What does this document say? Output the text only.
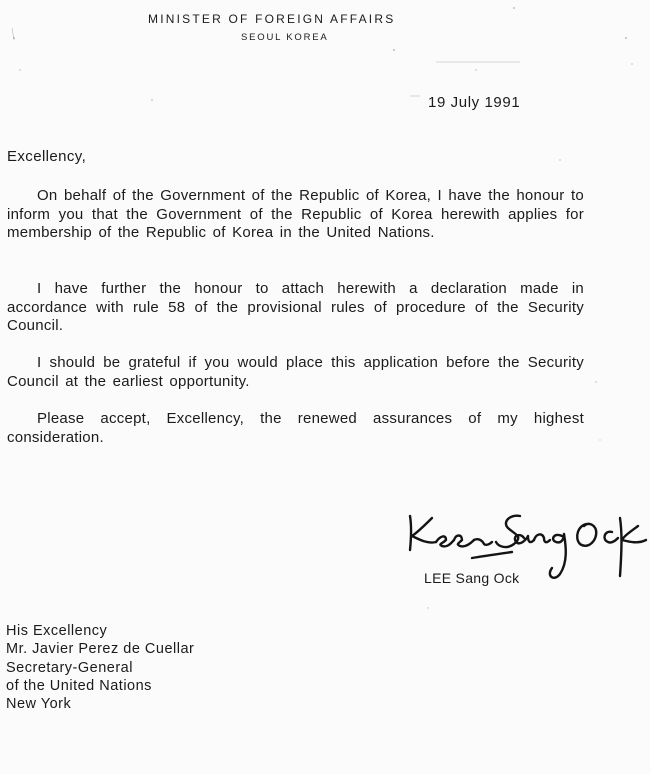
MINISTER OF FOREIGN AFFAIRS
SEOUL KOREA
19 July 1991
Excellency,
On behalf of the Government of the Republic of Korea, I have the honour to inform you that the Government of the Republic of Korea herewith applies for membership of the Republic of Korea in the United Nations.
I have further the honour to attach herewith a declaration made in accordance with rule 58 of the provisional rules of procedure of the Security Council.
I should be grateful if you would place this application before the Security Council at the earliest opportunity.
Please accept, Excellency, the renewed assurances of my highest consideration.
LEE Sang Ock
His Excellency
Mr. Javier Perez de Cuellar
Secretary-General
of the United Nations
New York
